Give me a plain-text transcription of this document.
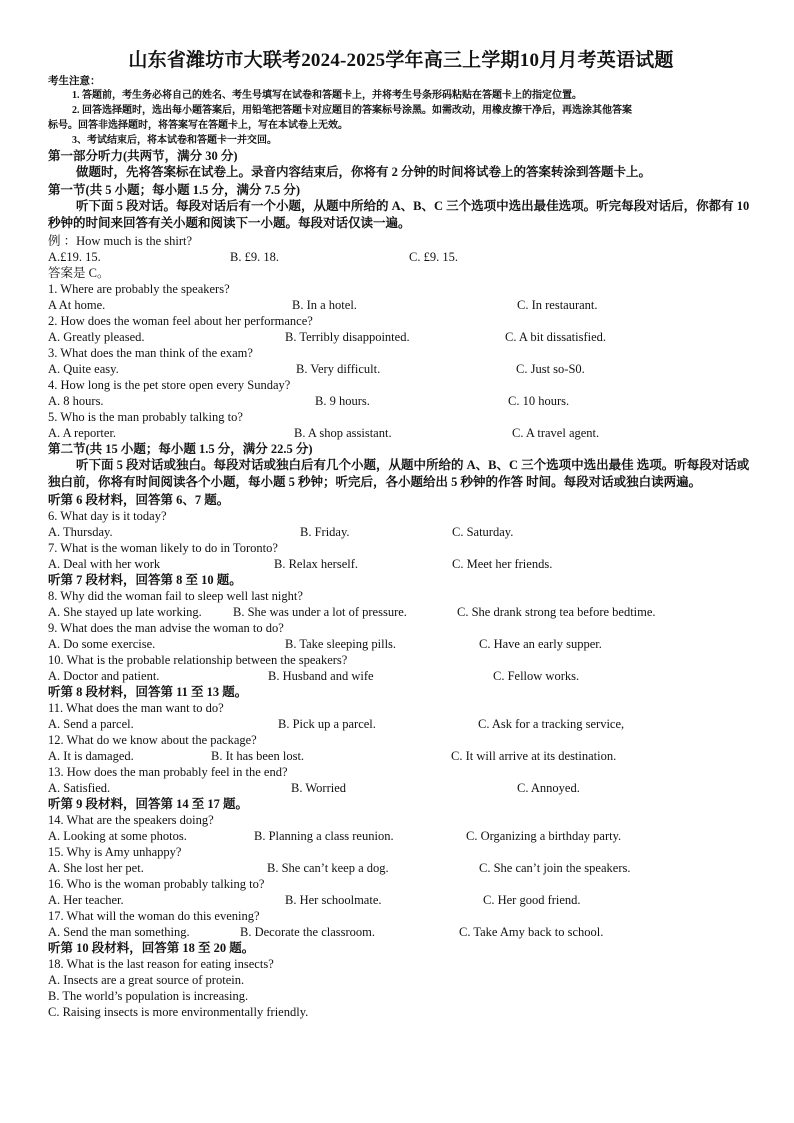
山东省潍坊市大联考2024-2025学年高三上学期10月月考英语试题
考生注意：
1. 答题前，考生务必将自己的姓名、考生号填写在试卷和答题卡上，并将考生号条形码粘贴在答题卡上的指定位置。
2. 回答选择题时，选出每小题答案后，用铅笔把答题卡对应题目的答案标号涂黑。如需改动，用橡皮擦干净后，再选涂其他答案
标号。回答非选择题时，将答案写在答题卡上，写在本试卷上无效。
3、考试结束后，将本试卷和答题卡一并交回。
第一部分听力(共两节，满分 30 分)
做题时，先将答案标在试卷上。录音内容结束后，你将有 2 分钟的时间将试卷上的答案转涂到答题卡上。
第一节(共 5 小题；每小题 1.5 分，满分 7.5 分)
听下面 5 段对话。每段对话后有一个小题，从题中所给的 A、B、C 三个选项中选出最佳选项。听完每段对话后，你都有 10 秒钟的时间来回答有关小题和阅读下一小题。每段对话仅读一遍。
例 ：How much is the shirt?
A.£19. 15.	B. £9. 18.	C. £9. 15.
答案是 C。
1. Where are probably the speakers?
A At home.	B. In a hotel.	C. In restaurant.
2. How does the woman feel about her performance?
A. Greatly pleased.	B. Terribly disappointed.	C. A bit dissatisfied.
3. What does the man think of the exam?
A. Quite easy.	B. Very difficult.	C. Just so-S0.
4. How long is the pet store open every Sunday?
A. 8 hours.	B. 9 hours.	C. 10 hours.
5. Who is the man probably talking to?
A. A reporter.	B. A shop assistant.	C. A travel agent.
第二节(共 15 小题；每小题 1.5 分，满分 22.5 分)
听下面 5 段对话或独白。每段对话或独白后有几个小题，从题中所给的 A、B、C 三个选项中选出最佳 选项。听每段对话或独白前，你将有时间阅读各个小题，每小题 5 秒钟；听完后，各小题给出 5 秒钟的作答 时间。每段对话或独白读两遍。
听第 6 段材料，回答第 6、7 题。
6. What day is it today?
A. Thursday.	B. Friday.	C. Saturday.
7. What is the woman likely to do in Toronto?
A. Deal with her work	B. Relax herself.	C. Meet her friends.
听第 7 段材料，回答第 8 至 10 题。
8. Why did the woman fail to sleep well last night?
A. She stayed up late working.	B. She was under a lot of pressure.	C. She drank strong tea before bedtime.
9. What does the man advise the woman to do?
A. Do some exercise.	B. Take sleeping pills.	C. Have an early supper.
10. What is the probable relationship between the speakers?
A. Doctor and patient.	B. Husband and wife	C. Fellow works.
听第 8 段材料，回答第 11 至 13 题。
11. What does the man want to do?
A. Send a parcel.	B. Pick up a parcel.	C. Ask for a tracking service,
12. What do we know about the package?
A. It is damaged.	B. It has been lost.	C. It will arrive at its destination.
13. How does the man probably feel in the end?
A. Satisfied.	B. Worried	C. Annoyed.
听第 9 段材料，回答第 14 至 17 题。
14. What are the speakers doing?
A. Looking at some photos.	B. Planning a class reunion.	C. Organizing a birthday party.
15. Why is Amy unhappy?
A. She lost her pet.	B. She can’t keep a dog.	C. She can’t join the speakers.
16. Who is the woman probably talking to?
A. Her teacher.	B. Her schoolmate.	C. Her good friend.
17. What will the woman do this evening?
A. Send the man something.	B. Decorate the classroom.	C. Take Amy back to school.
听第 10 段材料，回答第 18 至 20 题。
18. What is the last reason for eating insects?
A. Insects are a great source of protein.
B. The world’s population is increasing.
C. Raising insects is more environmentally friendly.
